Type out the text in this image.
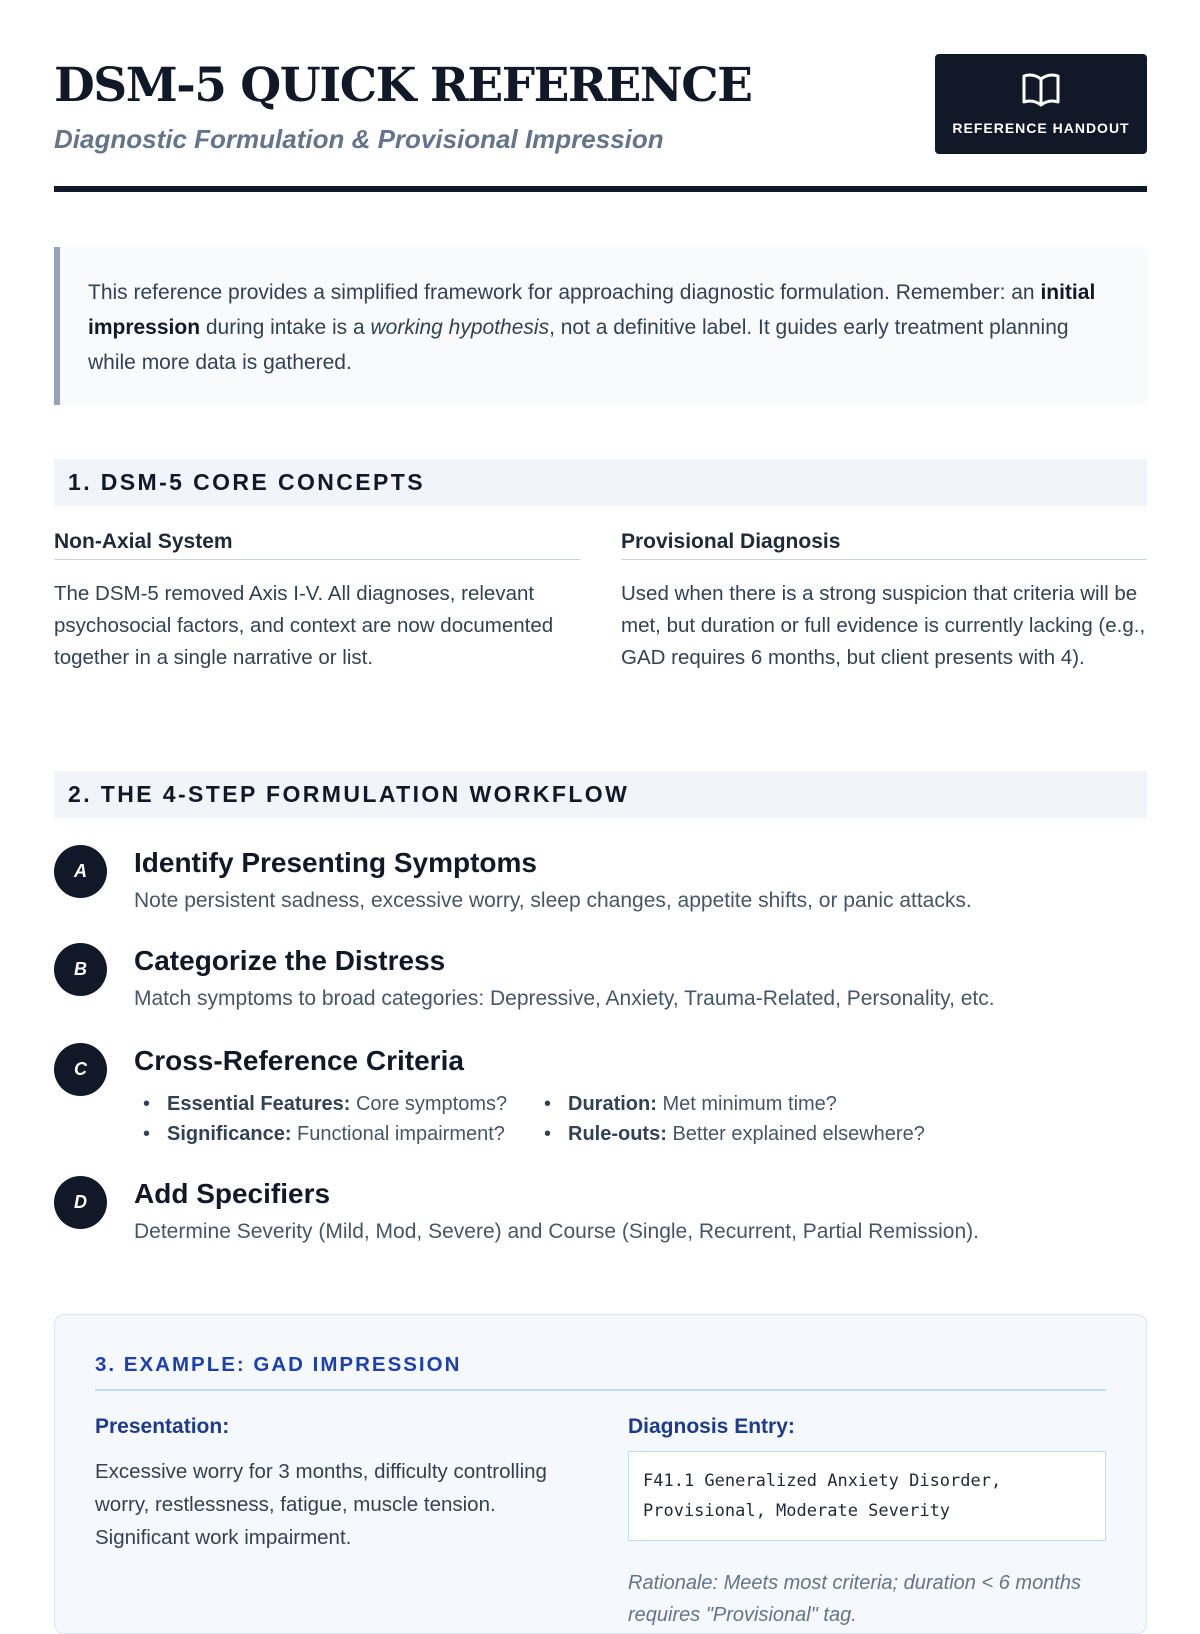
DSM-5 QUICK REFERENCE
Diagnostic Formulation & Provisional Impression	REFERENCE HANDOUT
This reference provides a simplified framework for approaching diagnostic formulation. Remember: an initial impression during intake is a working hypothesis, not a definitive label. It guides early treatment planning while more data is gathered.
1. DSM-5 CORE CONCEPTS
Non-Axial System
The DSM-5 removed Axis I-V. All diagnoses, relevant psychosocial factors, and context are now documented together in a single narrative or list.
Provisional Diagnosis
Used when there is a strong suspicion that criteria will be met, but duration or full evidence is currently lacking (e.g., GAD requires 6 months, but client presents with 4).
2. THE 4-STEP FORMULATION WORKFLOW
A	Identify Presenting Symptoms
Note persistent sadness, excessive worry, sleep changes, appetite shifts, or panic attacks.
B	Categorize the Distress
Match symptoms to broad categories: Depressive, Anxiety, Trauma-Related, Personality, etc.
C	Cross-Reference Criteria
• Essential Features: Core symptoms?	• Duration: Met minimum time?
• Significance: Functional impairment?	• Rule-outs: Better explained elsewhere?
D	Add Specifiers
Determine Severity (Mild, Mod, Severe) and Course (Single, Recurrent, Partial Remission).
3. EXAMPLE: GAD IMPRESSION
Presentation:
Excessive worry for 3 months, difficulty controlling worry, restlessness, fatigue, muscle tension. Significant work impairment.
Diagnosis Entry:
F41.1 Generalized Anxiety Disorder,
Provisional, Moderate Severity
Rationale: Meets most criteria; duration < 6 months requires "Provisional" tag.
